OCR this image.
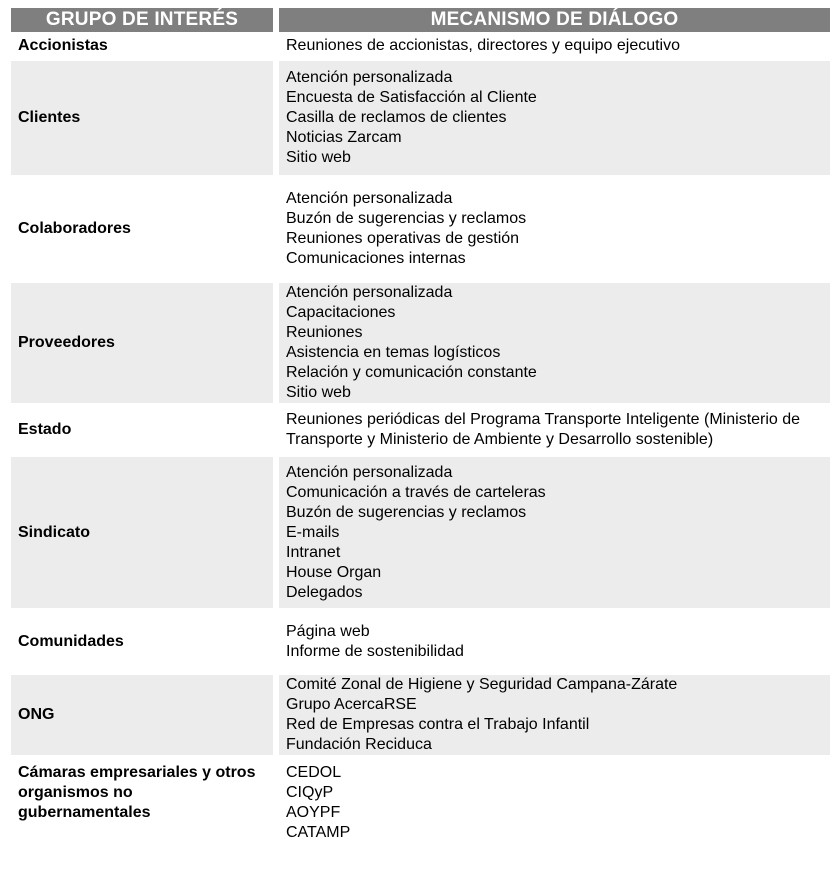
GRUPO DE INTERÉS	MECANISMO DE DIÁLOGO
Accionistas	Reuniones de accionistas, directores y equipo ejecutivo
Clientes
Atención personalizada
Encuesta de Satisfacción al Cliente
Casilla de reclamos de clientes
Noticias Zarcam
Sitio web
Colaboradores
Atención personalizada
Buzón de sugerencias y reclamos
Reuniones operativas de gestión
Comunicaciones internas
Proveedores
Atención personalizada
Capacitaciones
Reuniones
Asistencia en temas logísticos
Relación y comunicación constante
Sitio web
Estado
Reuniones periódicas del Programa Transporte Inteligente (Ministerio de Transporte y Ministerio de Ambiente y Desarrollo sostenible)
Sindicato
Atención personalizada
Comunicación a través de carteleras
Buzón de sugerencias y reclamos
E-mails
Intranet
House Organ
Delegados
Comunidades
Página web
Informe de sostenibilidad
ONG
Comité Zonal de Higiene y Seguridad Campana-Zárate
Grupo AcercaRSE
Red de Empresas contra el Trabajo Infantil
Fundación Reciduca
Cámaras empresariales y otros organismos no gubernamentales
CEDOL
CIQyP
AOYPF
CATAMP
